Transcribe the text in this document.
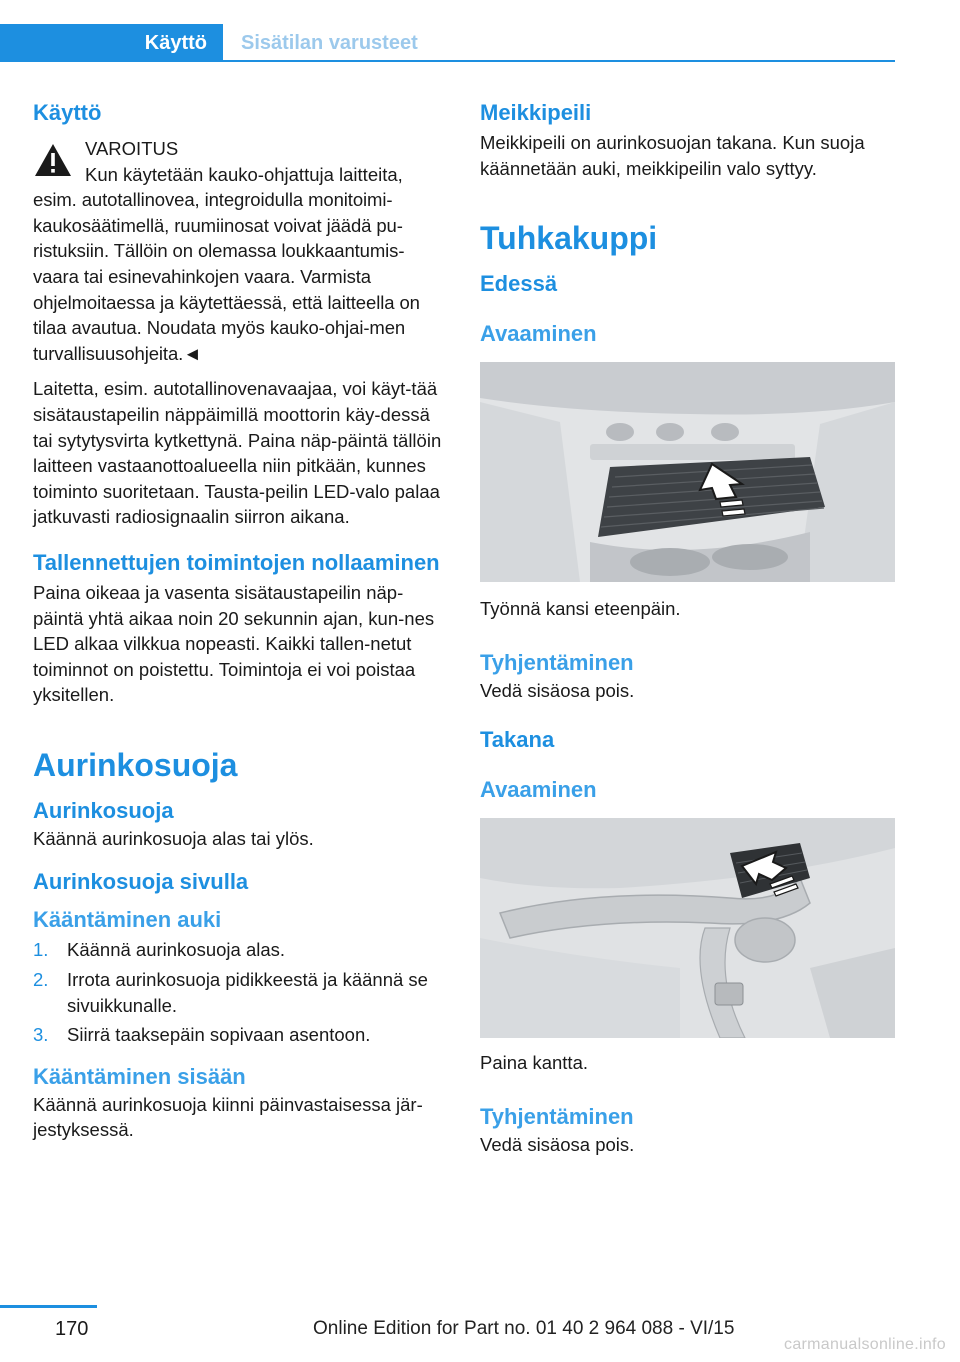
Käyttö	Sisätilan varusteet
Käyttö
VAROITUS
Kun käytetään kauko-ohjattuja laitteita,
esim. autotallinovea, integroidulla monitoimi-kaukosäätimellä, ruumiinosat voivat jäädä pu-ristuksiin. Tällöin on olemassa loukkaantumis-vaara tai esinevahinkojen vaara. Varmista ohjelmoitaessa ja käytettäessä, että laitteella on tilaa avautua. Noudata myös kauko-ohjai-men turvallisuusohjeita.◄
Laitetta, esim. autotallinovenavaajaa, voi käyt-tää sisätaustapeilin näppäimillä moottorin käy-dessä tai sytytysvirta kytkettynä. Paina näp-päintä tällöin laitteen vastaanottoalueella niin pitkään, kunnes toiminto suoritetaan. Tausta-peilin LED-valo palaa jatkuvasti radiosignaalin siirron aikana.
Tallennettujen toimintojen nollaaminen
Paina oikeaa ja vasenta sisätaustapeilin näp-päintä yhtä aikaa noin 20 sekunnin ajan, kun-nes LED alkaa vilkkua nopeasti. Kaikki tallen-netut toiminnot on poistettu. Toimintoja ei voi poistaa yksitellen.
Aurinkosuoja
Aurinkosuoja
Käännä aurinkosuoja alas tai ylös.
Aurinkosuoja sivulla
Kääntäminen auki
1. Käännä aurinkosuoja alas.
2. Irrota aurinkosuoja pidikkeestä ja käännä se sivuikkunalle.
3. Siirrä taaksepäin sopivaan asentoon.
Kääntäminen sisään
Käännä aurinkosuoja kiinni päinvastaisessa jär-jestyksessä.
Meikkipeili
Meikkipeili on aurinkosuojan takana. Kun suoja käännetään auki, meikkipeilin valo syttyy.
Tuhkakuppi
Edessä
Avaaminen
Työnnä kansi eteenpäin.
Tyhjentäminen
Vedä sisäosa pois.
Takana
Avaaminen
Paina kantta.
Tyhjentäminen
Vedä sisäosa pois.
170	Online Edition for Part no. 01 40 2 964 088 - VI/15
carmanualsonline.info
